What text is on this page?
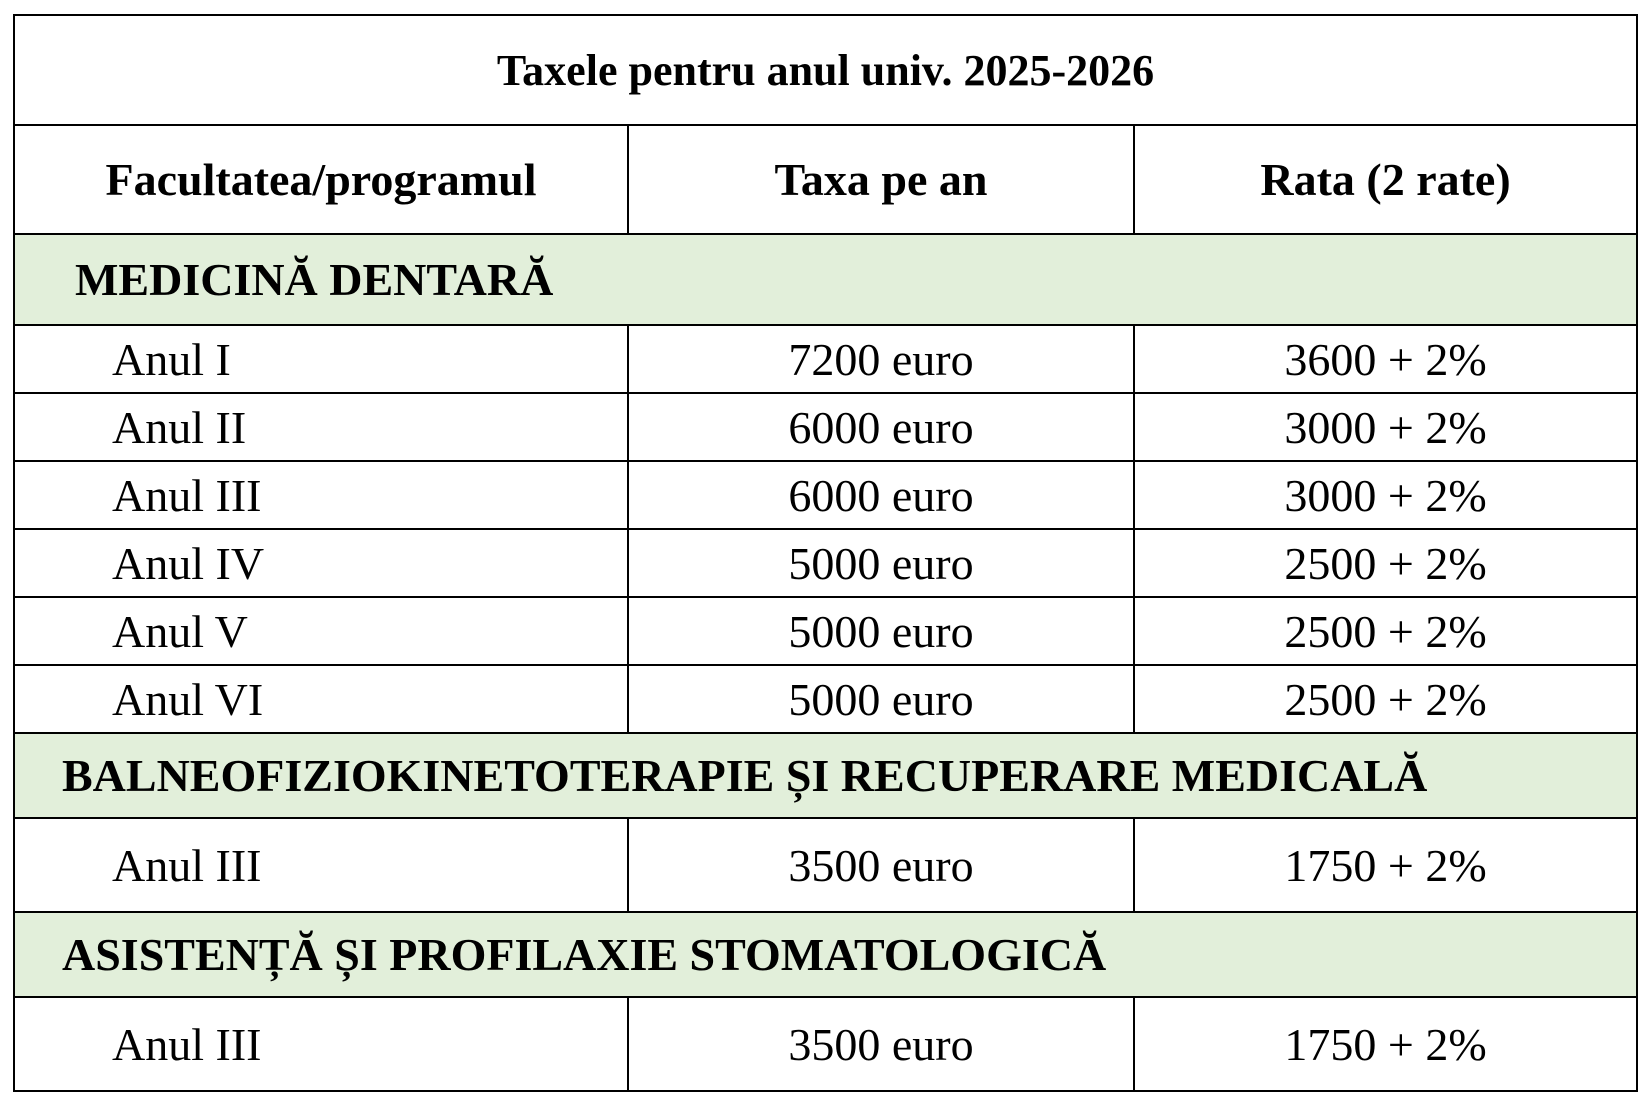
Taxele pentru anul univ. 2025-2026		
Facultatea/programul	Taxa pe an	Rata (2 rate)
MEDICINĂ DENTARĂ		
Anul I	7200 euro	3600 + 2%
Anul II	6000 euro	3000 + 2%
Anul III	6000 euro	3000 + 2%
Anul IV	5000 euro	2500 + 2%
Anul V	5000 euro	2500 + 2%
Anul VI	5000 euro	2500 + 2%
BALNEOFIZIOKINETOTERAPIE ȘI RECUPERARE MEDICALĂ		
Anul III	3500 euro	1750 + 2%
ASISTENȚĂ ȘI PROFILAXIE STOMATOLOGICĂ		
Anul III	3500 euro	1750 + 2%
